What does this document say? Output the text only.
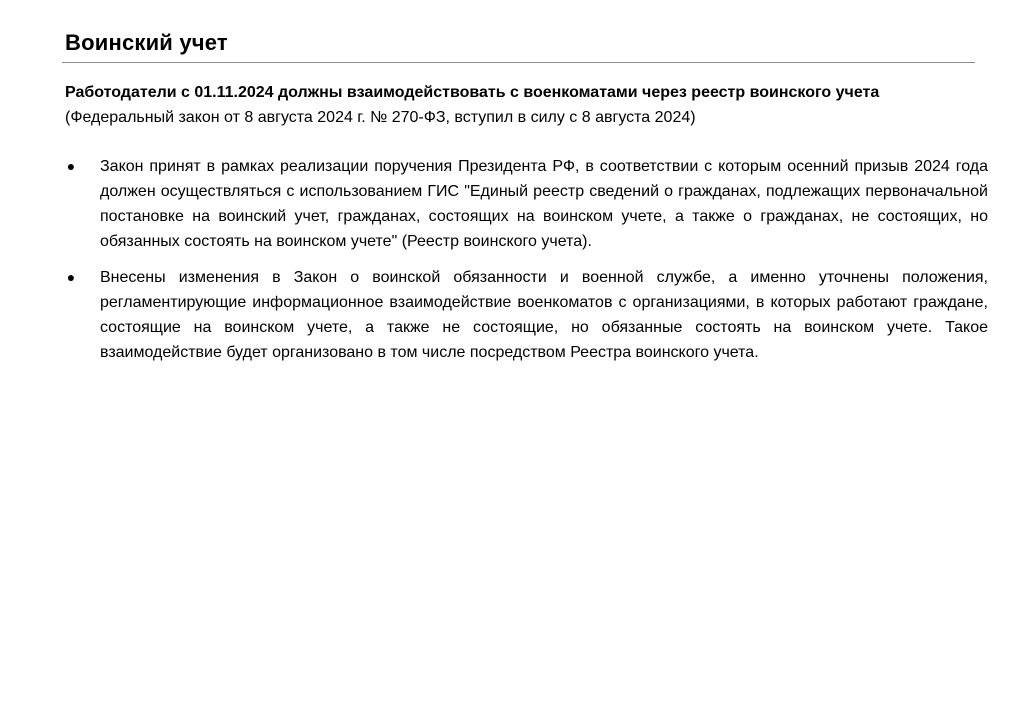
Воинский учет

Работодатели с 01.11.2024 должны взаимодействовать с военкоматами через реестр воинского учета

(Федеральный закон от 8 августа 2024 г. № 270-ФЗ, вступил в силу с 8 августа 2024)

● Закон принят в рамках реализации поручения Президента РФ, в соответствии с которым осенний призыв 2024 года должен осуществляться с использованием ГИС "Единый реестр сведений о гражданах, подлежащих первоначальной постановке на воинский учет, гражданах, состоящих на воинском учете, а также о гражданах, не состоящих, но обязанных состоять на воинском учете" (Реестр воинского учета).
● Внесены изменения в Закон о воинской обязанности и военной службе, а именно уточнены положения, регламентирующие информационное взаимодействие военкоматов с организациями, в которых работают граждане, состоящие на воинском учете, а также не состоящие, но обязанные состоять на воинском учете. Такое взаимодействие будет организовано в том числе посредством Реестра воинского учета.
